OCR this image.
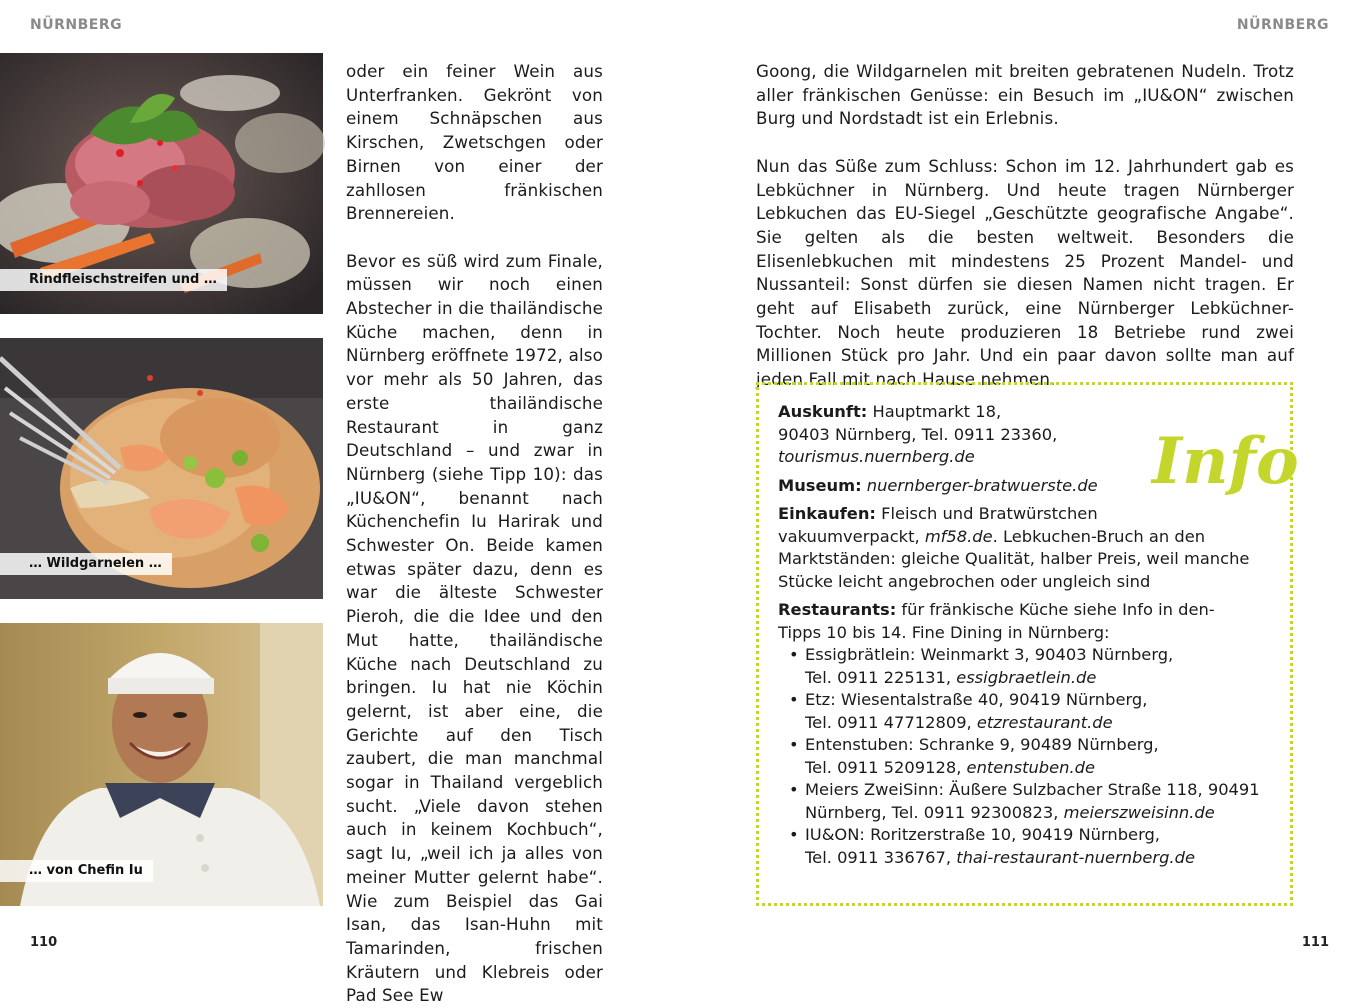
NÜRNBERG	NÜRNBERG
Rindfleischstreifen und …
… Wildgarnelen …
… von Chefin Iu

oder ein feiner Wein aus Unterfranken. Gekrönt von einem Schnäpschen aus Kirschen, Zwetschgen oder Birnen von einer der zahllosen fränkischen Brennereien.

Bevor es süß wird zum Finale, müssen wir noch einen Abstecher in die thailändische Küche machen, denn in Nürnberg eröffnete 1972, also vor mehr als 50 Jahren, das erste thailändische Restaurant in ganz Deutschland – und zwar in Nürnberg (siehe Tipp 10): das „IU&ON“, benannt nach Küchenchefin Iu Harirak und Schwester On. Beide kamen etwas später dazu, denn es war die älteste Schwester Pieroh, die die Idee und den Mut hatte, thailändische Küche nach Deutschland zu bringen. Iu hat nie Köchin gelernt, ist aber eine, die Gerichte auf den Tisch zaubert, die man manchmal sogar in Thailand vergeblich sucht. „Viele davon stehen auch in keinem Kochbuch“, sagt Iu, „weil ich ja alles von meiner Mutter gelernt habe“. Wie zum Beispiel das Gai Isan, das Isan-Huhn mit Tamarinden, frischen Kräutern und Klebreis oder Pad See Ew

Goong, die Wildgarnelen mit breiten gebratenen Nudeln. Trotz aller fränkischen Genüsse: ein Besuch im „IU&ON“ zwischen Burg und Nordstadt ist ein Erlebnis.

Nun das Süße zum Schluss: Schon im 12. Jahrhundert gab es Lebküchner in Nürnberg. Und heute tragen Nürnberger Lebkuchen das EU-Siegel „Geschützte geografische Angabe“. Sie gelten als die besten weltweit. Besonders die Elisenlebkuchen mit mindestens 25 Prozent Mandel- und Nussanteil: Sonst dürfen sie diesen Namen nicht tragen. Er geht auf Elisabeth zurück, eine Nürnberger Lebküchner-Tochter. Noch heute produzieren 18 Betriebe rund zwei Millionen Stück pro Jahr. Und ein paar davon sollte man auf jeden Fall mit nach Hause nehmen.

Info
Auskunft: Hauptmarkt 18,
90403 Nürnberg, Tel. 0911 23360,
tourismus.nuernberg.de
Museum: nuernberger-bratwuerste.de
Einkaufen: Fleisch und Bratwürstchen
vakuumverpackt, mf58.de. Lebkuchen-Bruch an den
Marktständen: gleiche Qualität, halber Preis, weil manche
Stücke leicht angebrochen oder ungleich sind
Restaurants: für fränkische Küche siehe Info in den-
Tipps 10 bis 14. Fine Dining in Nürnberg:
• Essigbrätlein: Weinmarkt 3, 90403 Nürnberg,
Tel. 0911 225131, essigbraetlein.de
• Etz: Wiesentalstraße 40, 90419 Nürnberg,
Tel. 0911 47712809, etzrestaurant.de
• Entenstuben: Schranke 9, 90489 Nürnberg,
Tel. 0911 5209128, entenstuben.de
• Meiers ZweiSinn: Äußere Sulzbacher Straße 118, 90491
Nürnberg, Tel. 0911 92300823, meierszweisinn.de
• IU&ON: Roritzerstraße 10, 90419 Nürnberg,
Tel. 0911 336767, thai-restaurant-nuernberg.de
110	111
